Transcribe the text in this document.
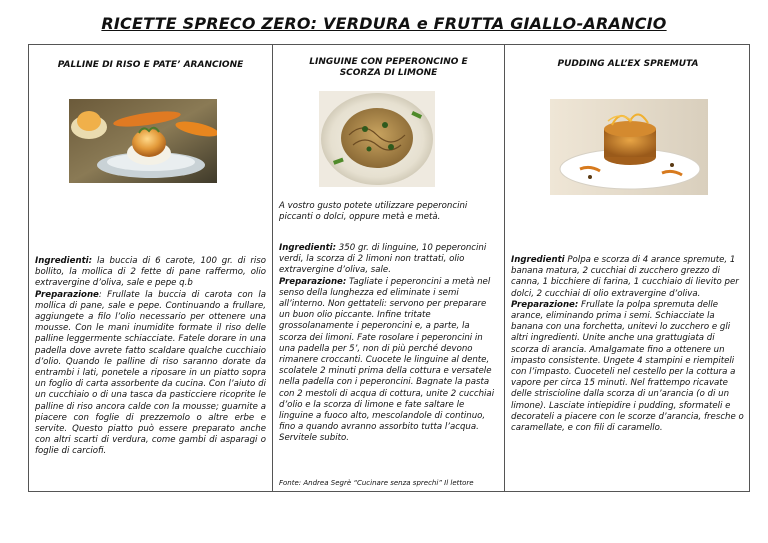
RICETTE SPRECO ZERO: VERDURA e FRUTTA GIALLO-ARANCIO
PALLINE DI RISO E PATE’ ARANCIONE
Ingredienti: la buccia di 6 carote, 100 gr. di riso bollito, la mollica di 2 fette di pane raffermo, olio extravergine d’oliva, sale e pepe q.b
Preparazione: Frullate la buccia di carota con la mollica di pane, sale e pepe. Continuando a frullare, aggiungete a filo l’olio necessario per ottenere una mousse. Con le mani inumidite formate il riso delle palline leggermente schiacciate. Fatele dorare in una padella dove avrete fatto scaldare qualche cucchiaio d’olio. Quando le palline di riso saranno dorate da entrambi i lati, ponetele a riposare in un piatto sopra un foglio di carta assorbente da cucina. Con l’aiuto di un cucchiaio o di una tasca da pasticciere ricoprite le palline di riso ancora calde con la mousse; guarnite a piacere con foglie di prezzemolo o altre erbe e servite. Questo piatto può essere preparato anche con altri scarti di verdura, come gambi di asparagi o foglie di carciofi.
LINGUINE CON PEPERONCINO E SCORZA DI LIMONE
A vostro gusto potete utilizzare peperoncini piccanti o dolci, oppure metà e metà.
Ingredienti: 350 gr. di linguine, 10 peperoncini verdi, la scorza di 2 limoni non trattati, olio extravergine d’oliva, sale.
Preparazione: Tagliate i peperoncini a metà nel senso della lunghezza ed eliminate i semi all’interno. Non gettateli: servono per preparare un buon olio piccante. Infine tritate grossolanamente i peperoncini e, a parte, la scorza dei limoni. Fate rosolare i peperoncini in una padella per 5’, non di più perché devono rimanere croccanti. Cuocete le linguine al dente, scolatele 2 minuti prima della cottura e versatele nella padella con i peperoncini. Bagnate la pasta con 2 mestoli di acqua di cottura, unite 2 cucchiai d’olio e la scorza di limone e fate saltare le linguine a fuoco alto, mescolandole di continuo, fino a quando avranno assorbito tutta l’acqua. Servitele subito.
Fonte: Andrea Segrè “Cucinare senza sprechi” Il lettore
PUDDING ALL’EX SPREMUTA
Ingredienti Polpa e scorza di 4 arance spremute, 1 banana matura, 2 cucchiai di zucchero grezzo di canna, 1 bicchiere di farina, 1 cucchiaio di lievito per dolci, 2 cucchiai di olio extravergine d’oliva.
Preparazione: Frullate la polpa spremuta delle arance, eliminando prima i semi. Schiacciate la banana con una forchetta, unitevi lo zucchero e gli altri ingredienti. Unite anche una grattugiata di scorza di arancia. Amalgamate fino a ottenere un impasto consistente. Ungete 4 stampini e riempiteli con l’impasto. Cuoceteli nel cestello per la cottura a vapore per circa 15 minuti. Nel frattempo ricavate delle striscioline dalla scorza di un’arancia (o di un limone). Lasciate intiepidire i pudding, sformateli e decorateli a piacere con le scorze d’arancia, fresche o caramellate, e con fili di caramello.
